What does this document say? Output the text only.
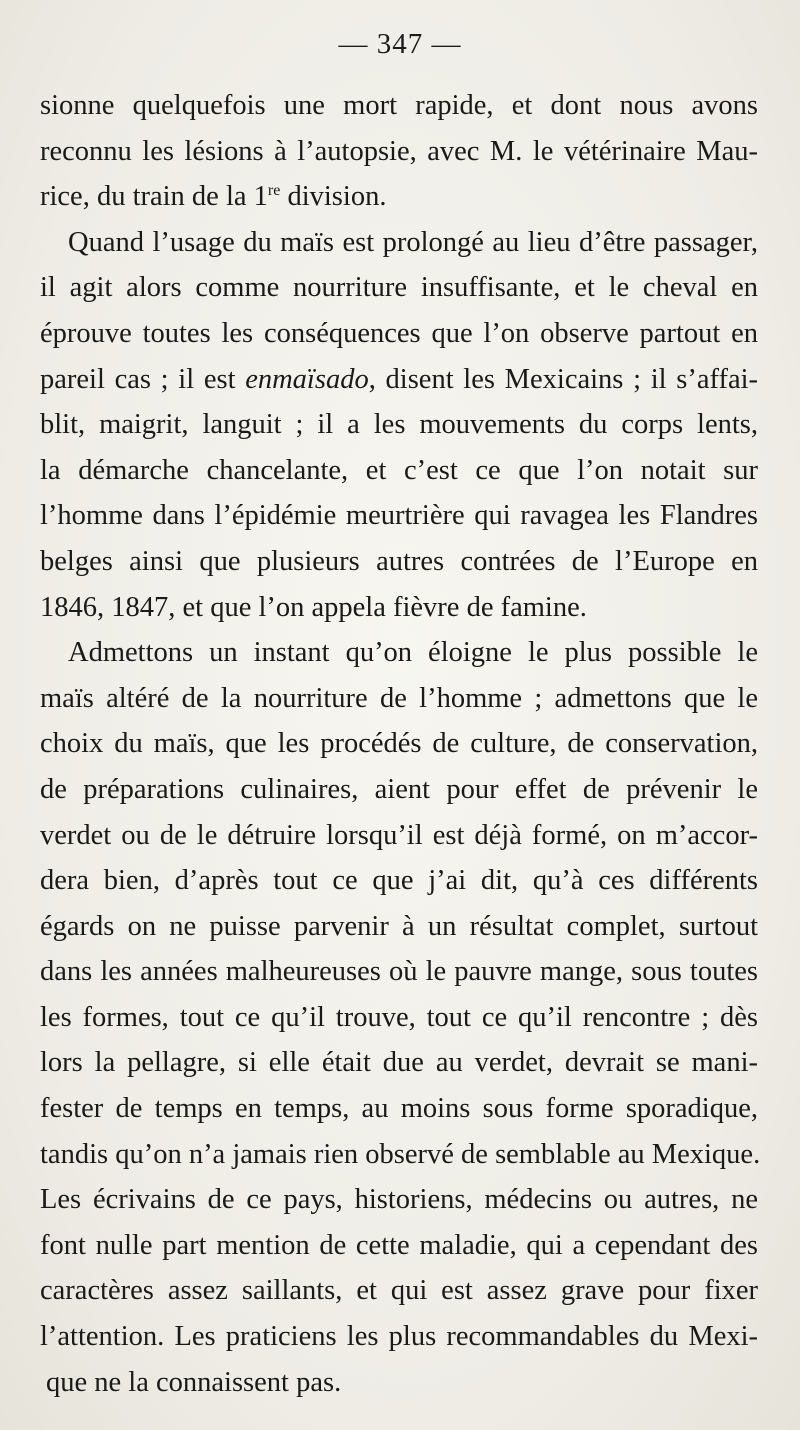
— 347 —
sionne quelquefois une mort rapide, et dont nous avons
reconnu les lésions à l’autopsie, avec M. le vétérinaire Mau-
rice, du train de la 1re division.
Quand l’usage du maïs est prolongé au lieu d’être passager,
il agit alors comme nourriture insuffisante, et le cheval en
éprouve toutes les conséquences que l’on observe partout en
pareil cas ; il est enmaïsado, disent les Mexicains ; il s’affai-
blit, maigrit, languit ; il a les mouvements du corps lents,
la démarche chancelante, et c’est ce que l’on notait sur
l’homme dans l’épidémie meurtrière qui ravagea les Flandres
belges ainsi que plusieurs autres contrées de l’Europe en
1846, 1847, et que l’on appela fièvre de famine.
Admettons un instant qu’on éloigne le plus possible le
maïs altéré de la nourriture de l’homme ; admettons que le
choix du maïs, que les procédés de culture, de conservation,
de préparations culinaires, aient pour effet de prévenir le
verdet ou de le détruire lorsqu’il est déjà formé, on m’accor-
dera bien, d’après tout ce que j’ai dit, qu’à ces différents
égards on ne puisse parvenir à un résultat complet, surtout
dans les années malheureuses où le pauvre mange, sous toutes
les formes, tout ce qu’il trouve, tout ce qu’il rencontre ; dès
lors la pellagre, si elle était due au verdet, devrait se mani-
fester de temps en temps, au moins sous forme sporadique,
tandis qu’on n’a jamais rien observé de semblable au Mexique.
Les écrivains de ce pays, historiens, médecins ou autres, ne
font nulle part mention de cette maladie, qui a cependant des
caractères assez saillants, et qui est assez grave pour fixer
l’attention. Les praticiens les plus recommandables du Mexi-
que ne la connaissent pas.
